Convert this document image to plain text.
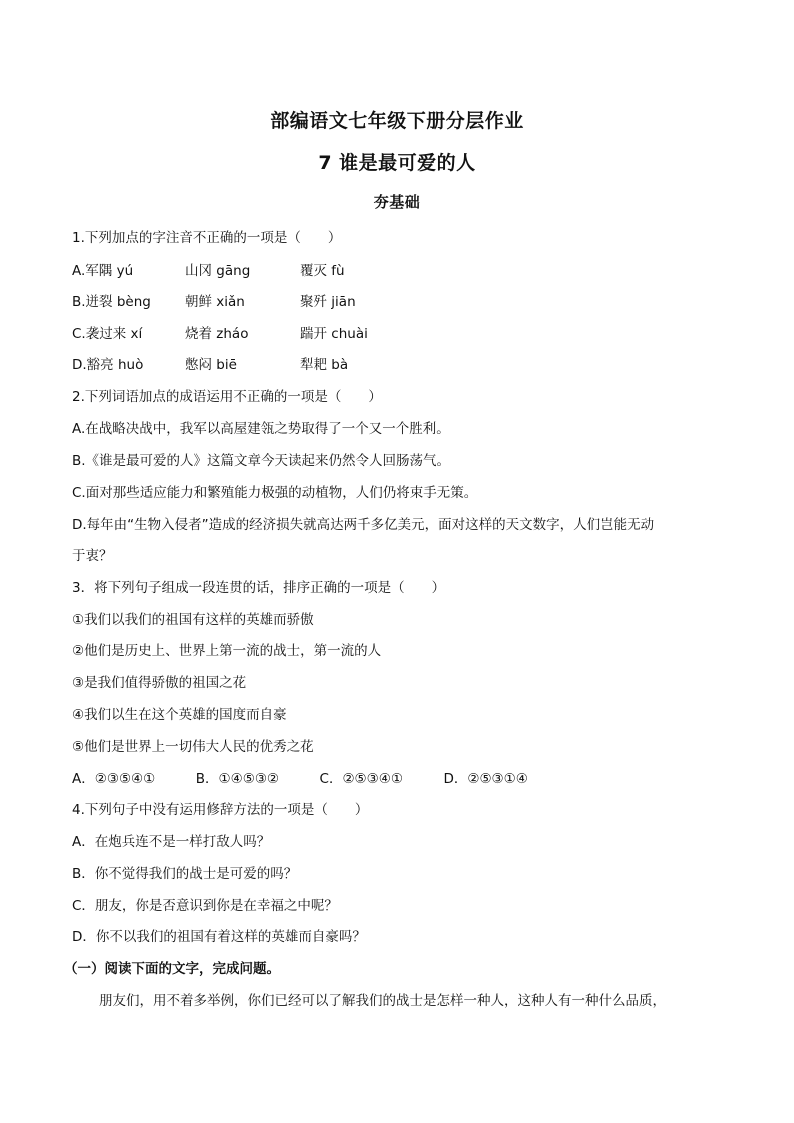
部编语文七年级下册分层作业
7 谁是最可爱的人
夯基础
1.下列加点的字注音不正确的一项是（　　）
A.军隅 yú	山冈 gāng	覆灭 fù
B.迸裂 bèng	朝鲜 xiǎn	聚歼 jiān
C.袭过来 xí	烧着 zháo	踹开 chuài
D.豁亮 huò	憋闷 biē	犁耙 bà
2.下列词语加点的成语运用不正确的一项是（　　）
A.在战略决战中，我军以高屋建瓴之势取得了一个又一个胜利。
B.《谁是最可爱的人》这篇文章今天读起来仍然令人回肠荡气。
C.面对那些适应能力和繁殖能力极强的动植物，人们仍将束手无策。
D.每年由“生物入侵者”造成的经济损失就高达两千多亿美元，面对这样的天文数字，人们岂能无动
于衷？
3．将下列句子组成一段连贯的话，排序正确的一项是（　　）
①我们以我们的祖国有这样的英雄而骄傲
②他们是历史上、世界上第一流的战士，第一流的人
③是我们值得骄傲的祖国之花
④我们以生在这个英雄的国度而自豪
⑤他们是世界上一切伟大人民的优秀之花
A．②③⑤④①　　　B．①④⑤③②　　　C．②⑤③④①　　　D．②⑤③①④
4.下列句子中没有运用修辞方法的一项是（　　）
A．在炮兵连不是一样打敌人吗？
B．你不觉得我们的战士是可爱的吗？
C．朋友，你是否意识到你是在幸福之中呢？
D．你不以我们的祖国有着这样的英雄而自豪吗？
（一）阅读下面的文字，完成问题。
　　朋友们，用不着多举例，你们已经可以了解我们的战士是怎样一种人，这种人有一种什么品质，
